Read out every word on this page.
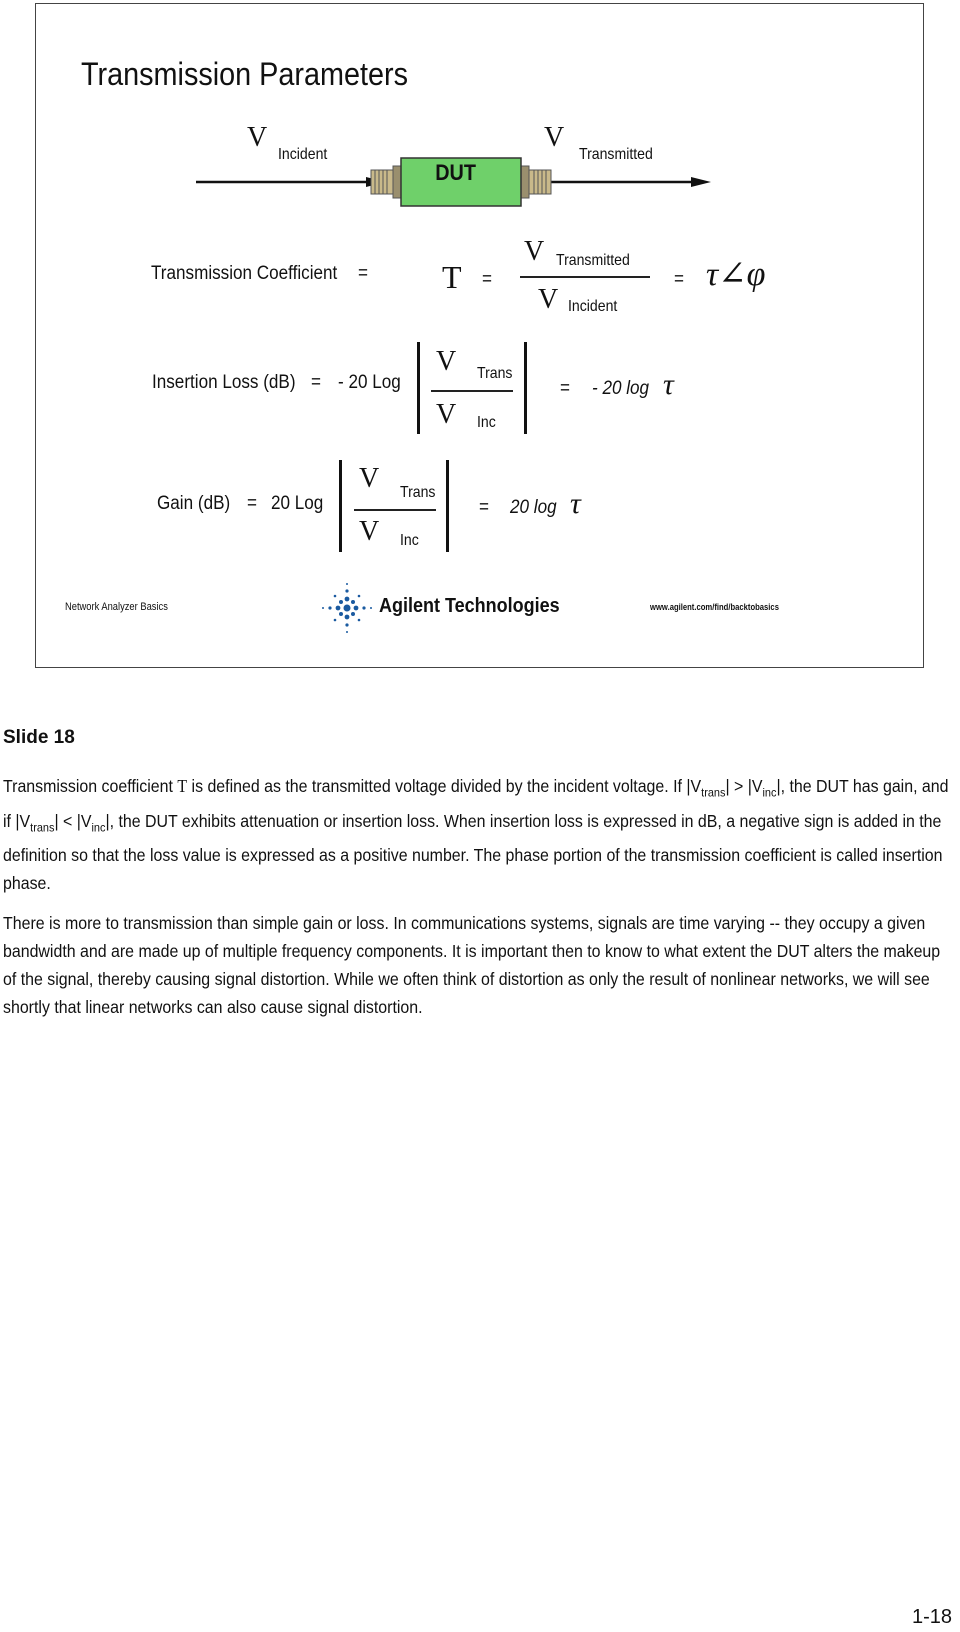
Transmission Parameters
DUT
V
Incident
V
Transmitted
Transmission Coefficient = T =
V Transmitted
V Incident
= τ∠φ
Insertion Loss (dB) = - 20 Log
V Trans
V Inc
= - 20 log τ
Gain (dB) = 20 Log
V Trans
V Inc
= 20 log τ
Network Analyzer Basics	Agilent Technologies	www.agilent.com/find/backtobasics
Slide 18

Transmission coefficient T is defined as the transmitted voltage divided by the incident voltage. If $|V_{trans}| > |V_{inc}|$, the DUT has gain, and if $|V_{trans}| < |V_{inc}|$, the DUT exhibits attenuation or insertion loss. When insertion loss is expressed in dB, a negative sign is added in the definition so that the loss value is expressed as a positive number. The phase portion of the transmission coefficient is called insertion phase.

There is more to transmission than simple gain or loss. In communications systems, signals are time varying -- they occupy a given bandwidth and are made up of multiple frequency components. It is important then to know to what extent the DUT alters the makeup of the signal, thereby causing signal distortion. While we often think of distortion as only the result of nonlinear networks, we will see shortly that linear networks can also cause signal distortion.

1-18
